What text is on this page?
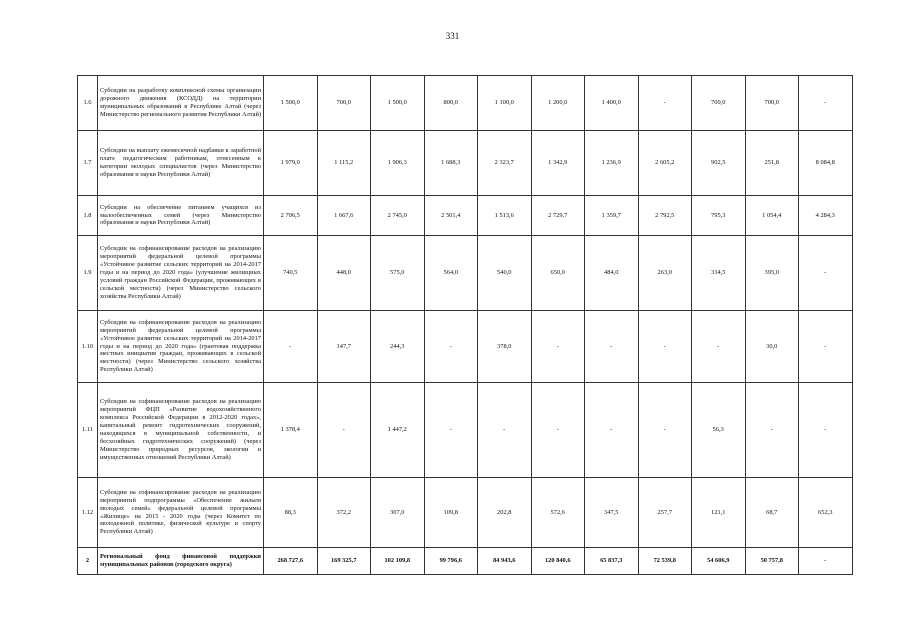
331
1.6	Субсидии на разработку комплексной схемы организации дорожного движения (КСОДД) на территории муниципальных образований в Республике Алтай (через Министерство регионального развития Республики Алтай)	1 500,0	700,0	1 500,0	800,0	1 100,0	1 200,0	1 400,0	-	700,0	700,0	-
1.7	Субсидии на выплату ежемесячной надбавки к заработной плате педагогическим работникам, отнесенным к категории молодых специалистов (через Министерство образования и науки Республики Алтай)	1 979,0	1 115,2	1 906,3	1 688,3	2 323,7	1 342,9	1 236,9	2 605,2	902,5	251,8	8 084,8
1.8	Субсидии на обеспечение питанием учащихся из малообеспеченных семей (через Министерство образования и науки Республики Алтай)	2 706,5	1 667,6	2 745,0	2 501,4	1 513,6	2 729,7	1 359,7	2 792,5	795,3	1 054,4	4 284,3
1.9	Субсидии на софинансирование расходов на реализацию мероприятий федеральной целевой программы «Устойчивое развитие сельских территорий на 2014-2017 годы и на период до 2020 года» (улучшение жилищных условий граждан Российской Федерации, проживающих в сельской местности) (через Министерство сельского хозяйства Республики Алтай)	740,5	448,0	575,0	564,0	540,0	650,0	484,0	263,0	334,5	395,0	-
1.10	Субсидии на софинансирование расходов на реализацию мероприятий федеральной целевой программы «Устойчивое развитие сельских территорий на 2014-2017 годы и на период до 2020 года» (грантовая поддержка местных инициатив граждан, проживающих в сельской местности) (через Министерство сельского хозяйства Республики Алтай)	-	147,7	244,3	-	378,0	-	-	-	-	30,0	-
1.11	Субсидии на софинансирование расходов на реализацию мероприятий ФЦП «Развитие водохозяйственного комплекса Российской Федерации в 2012-2020 годах», капитальный ремонт гидротехнических сооружений, находящихся в муниципальной собственности, и бесхозяйных гидротехнических сооружений) (через Министерство природных ресурсов, экологии и имущественных отношений Республики Алтай)	1 378,4	-	1 447,2	-	-	-	-	-	56,3	-	-
1.12	Субсидии на софинансирование расходов на реализацию мероприятий подпрограммы «Обеспечение жильем молодых семей» федеральной целевой программы «Жилище» на 2015 - 2020 годы (через Комитет по молодежной политике, физической культуре и спорту Республики Алтай)	88,3	372,2	307,0	109,8	202,8	572,6	347,5	257,7	121,1	68,7	652,3
2	Региональный фонд финансовой поддержки муниципальных районов (городского округа)	268 727,6	169 325,7	102 109,8	99 796,6	84 943,6	120 840,6	65 837,3	72 539,8	54 606,9	50 757,8	-
